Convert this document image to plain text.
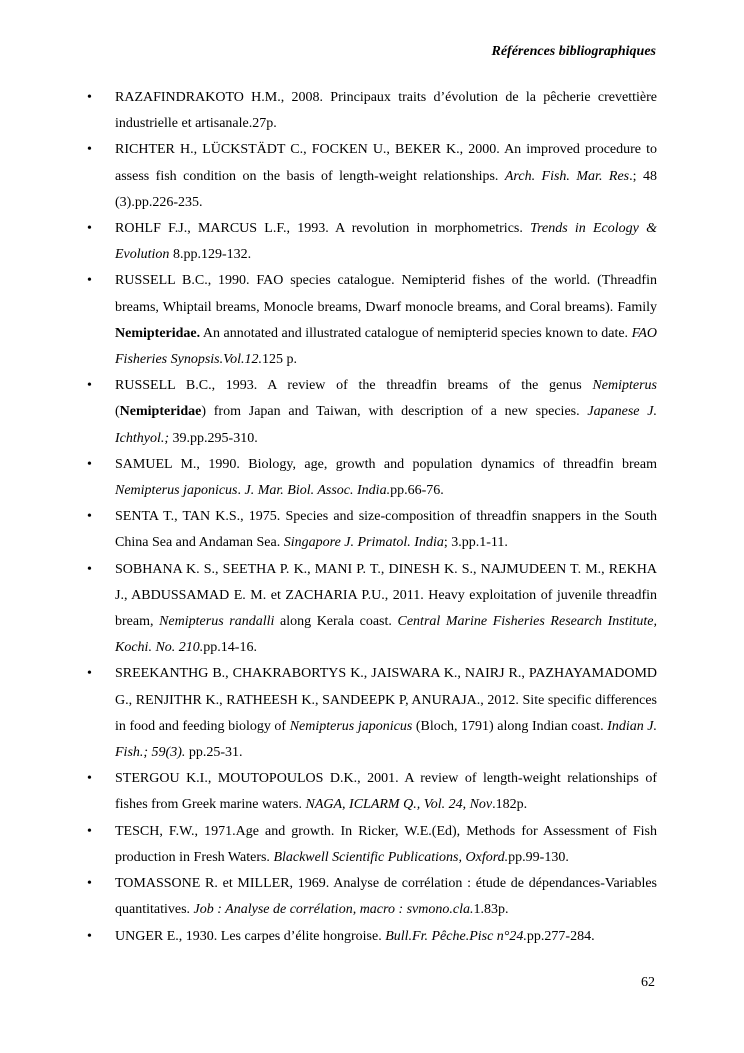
Références bibliographiques
• RAZAFINDRAKOTO H.M., 2008. Principaux traits d’évolution de la pêcherie crevettière industrielle et artisanale.27p.
• RICHTER H., LÜCKSTÄDT C., FOCKEN U., BEKER K., 2000. An improved procedure to assess fish condition on the basis of length-weight relationships. Arch. Fish. Mar. Res.; 48 (3).pp.226-235.
• ROHLF F.J., MARCUS L.F., 1993. A revolution in morphometrics. Trends in Ecology & Evolution 8.pp.129-132.
• RUSSELL B.C., 1990. FAO species catalogue. Nemipterid fishes of the world. (Threadfin breams, Whiptail breams, Monocle breams, Dwarf monocle breams, and Coral breams). Family Nemipteridae. An annotated and illustrated catalogue of nemipterid species known to date. FAO Fisheries Synopsis.Vol.12.125 p.
• RUSSELL B.C., 1993. A review of the threadfin breams of the genus Nemipterus (Nemipteridae) from Japan and Taiwan, with description of a new species. Japanese J. Ichthyol.; 39.pp.295-310.
• SAMUEL M., 1990. Biology, age, growth and population dynamics of threadfin bream Nemipterus japonicus. J. Mar. Biol. Assoc. India.pp.66-76.
• SENTA T., TAN K.S., 1975. Species and size-composition of threadfin snappers in the South China Sea and Andaman Sea. Singapore J. Primatol. India; 3.pp.1-11.
• SOBHANA K. S., SEETHA P. K., MANI P. T., DINESH K. S., NAJMUDEEN T. M., REKHA J., ABDUSSAMAD E. M. et ZACHARIA P.U., 2011. Heavy exploitation of juvenile threadfin bream, Nemipterus randalli along Kerala coast. Central Marine Fisheries Research Institute, Kochi. No. 210.pp.14-16.
• SREEKANTHG B., CHAKRABORTYS K., JAISWARA K., NAIRJ R., PAZHAYAMADOMD G., RENJITHR K., RATHEESH K., SANDEEPK P, ANURAJA., 2012. Site specific differences in food and feeding biology of Nemipterus japonicus (Bloch, 1791) along Indian coast. Indian J. Fish.; 59(3). pp.25-31.
• STERGOU K.I., MOUTOPOULOS D.K., 2001. A review of length-weight relationships of fishes from Greek marine waters. NAGA, ICLARM Q., Vol. 24, Nov.182p.
• TESCH, F.W., 1971.Age and growth. In Ricker, W.E.(Ed), Methods for Assessment of Fish production in Fresh Waters. Blackwell Scientific Publications, Oxford.pp.99-130.
• TOMASSONE R. et MILLER, 1969. Analyse de corrélation : étude de dépendances-Variables quantitatives. Job : Analyse de corrélation, macro : svmono.cla.1.83p.
• UNGER E., 1930. Les carpes d’élite hongroise. Bull.Fr. Pêche.Pisc n°24.pp.277-284.
62
